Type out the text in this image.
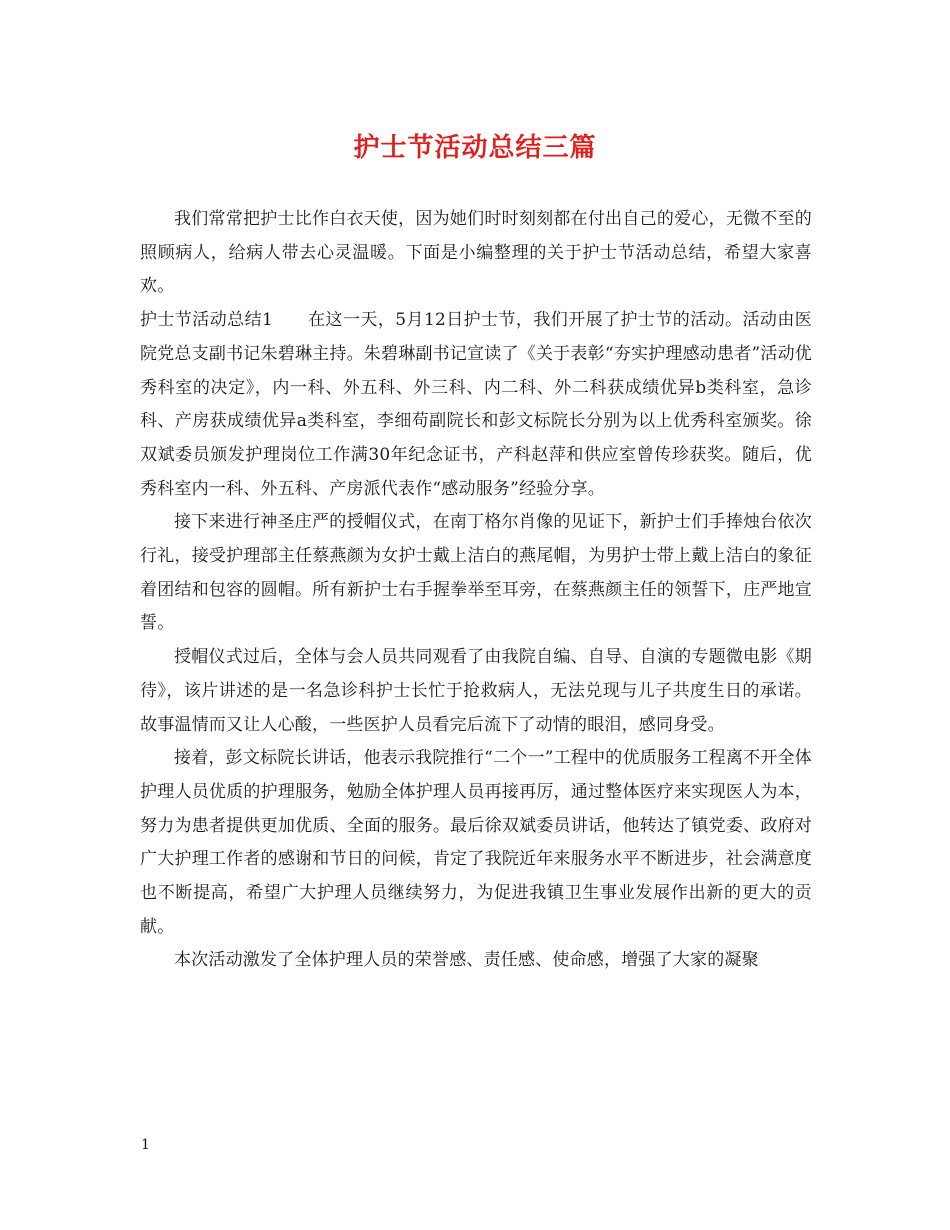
护士节活动总结三篇

我们常常把护士比作白衣天使，因为她们时时刻刻都在付出自己的爱心，无微不至的照顾病人，给病人带去心灵温暖。下面是小编整理的关于护士节活动总结，希望大家喜欢。

护士节活动总结1　　在这一天，5月12日护士节，我们开展了护士节的活动。活动由医院党总支副书记朱碧琳主持。朱碧琳副书记宣读了《关于表彰“夯实护理感动患者”活动优秀科室的决定》，内一科、外五科、外三科、内二科、外二科获成绩优异b类科室，急诊科、产房获成绩优异a类科室，李细苟副院长和彭文标院长分别为以上优秀科室颁奖。徐双斌委员颁发护理岗位工作满30年纪念证书，产科赵萍和供应室曾传珍获奖。随后，优秀科室内一科、外五科、产房派代表作“感动服务”经验分享。

接下来进行神圣庄严的授帽仪式，在南丁格尔肖像的见证下，新护士们手捧烛台依次行礼，接受护理部主任蔡燕颜为女护士戴上洁白的燕尾帽，为男护士带上戴上洁白的象征着团结和包容的圆帽。所有新护士右手握拳举至耳旁，在蔡燕颜主任的领誓下，庄严地宣誓。

授帽仪式过后，全体与会人员共同观看了由我院自编、自导、自演的专题微电影《期待》，该片讲述的是一名急诊科护士长忙于抢救病人，无法兑现与儿子共度生日的承诺。故事温情而又让人心酸，一些医护人员看完后流下了动情的眼泪，感同身受。

接着，彭文标院长讲话，他表示我院推行“二个一”工程中的优质服务工程离不开全体护理人员优质的护理服务，勉励全体护理人员再接再厉，通过整体医疗来实现医人为本，努力为患者提供更加优质、全面的服务。最后徐双斌委员讲话，他转达了镇党委、政府对广大护理工作者的感谢和节日的问候，肯定了我院近年来服务水平不断进步，社会满意度也不断提高，希望广大护理人员继续努力，为促进我镇卫生事业发展作出新的更大的贡献。

本次活动激发了全体护理人员的荣誉感、责任感、使命感，增强了大家的凝聚

1
